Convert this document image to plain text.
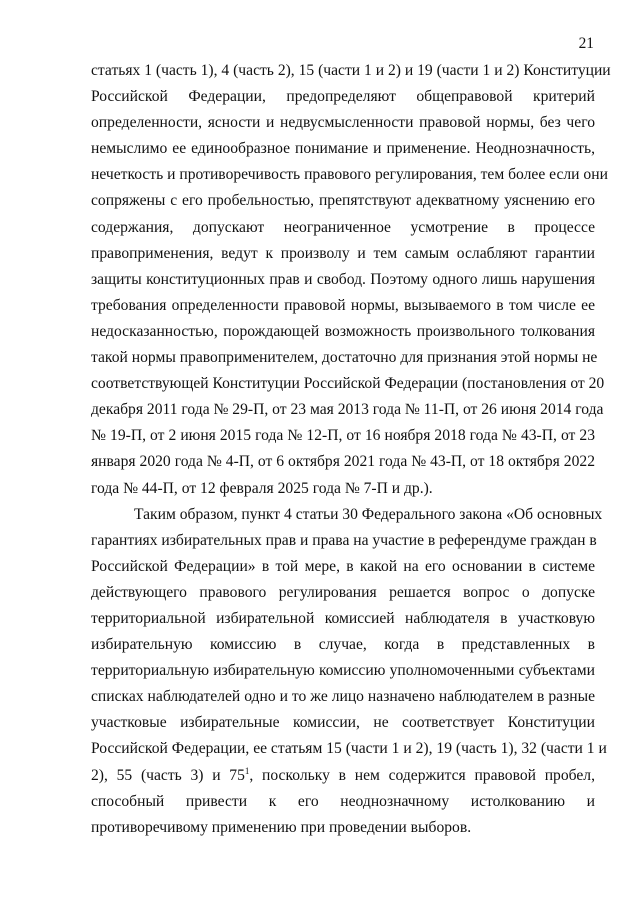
21
статьях 1 (часть 1), 4 (часть 2), 15 (части 1 и 2) и 19 (части 1 и 2) Конституции
Российской Федерации, предопределяют общеправовой критерий
определенности, ясности и недвусмысленности правовой нормы, без чего
немыслимо ее единообразное понимание и применение. Неоднозначность,
нечеткость и противоречивость правового регулирования, тем более если они
сопряжены с его пробельностью, препятствуют адекватному уяснению его
содержания, допускают неограниченное усмотрение в процессе
правоприменения, ведут к произволу и тем самым ослабляют гарантии
защиты конституционных прав и свобод. Поэтому одного лишь нарушения
требования определенности правовой нормы, вызываемого в том числе ее
недосказанностью, порождающей возможность произвольного толкования
такой нормы правоприменителем, достаточно для признания этой нормы не
соответствующей Конституции Российской Федерации (постановления от 20
декабря 2011 года № 29-П, от 23 мая 2013 года № 11-П, от 26 июня 2014 года
№ 19-П, от 2 июня 2015 года № 12-П, от 16 ноября 2018 года № 43-П, от 23
января 2020 года № 4-П, от 6 октября 2021 года № 43-П, от 18 октября 2022
года № 44-П, от 12 февраля 2025 года № 7-П и др.).
Таким образом, пункт 4 статьи 30 Федерального закона «Об основных
гарантиях избирательных прав и права на участие в референдуме граждан в
Российской Федерации» в той мере, в какой на его основании в системе
действующего правового регулирования решается вопрос о допуске
территориальной избирательной комиссией наблюдателя в участковую
избирательную комиссию в случае, когда в представленных в
территориальную избирательную комиссию уполномоченными субъектами
списках наблюдателей одно и то же лицо назначено наблюдателем в разные
участковые избирательные комиссии, не соответствует Конституции
Российской Федерации, ее статьям 15 (части 1 и 2), 19 (часть 1), 32 (части 1 и
2), 55 (часть 3) и 75$^1$, поскольку в нем содержится правовой пробел,
способный привести к его неоднозначному истолкованию и
противоречивому применению при проведении выборов.
